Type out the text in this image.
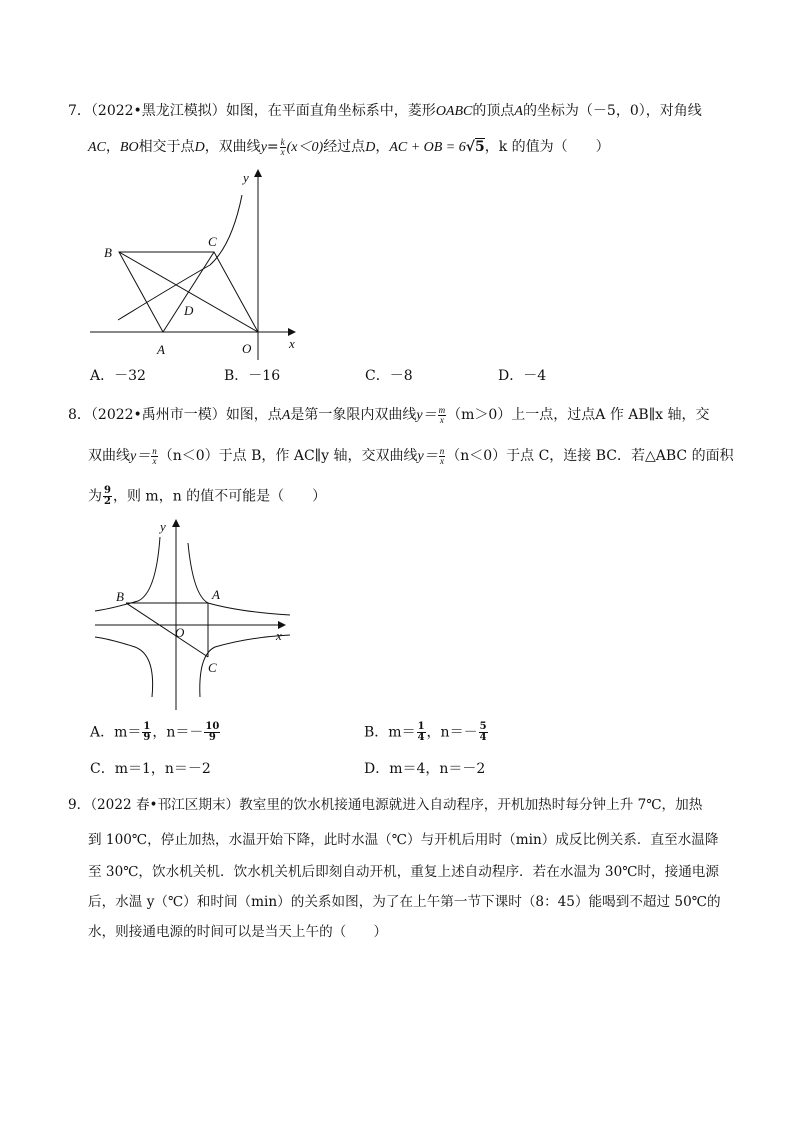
7．（2022•黑龙江模拟）如图，在平面直角坐标系中，菱形OABC的顶点A的坐标为（－5，0），对角线
AC，BO相交于点D，双曲线$y= \frac{k}{x} (x<0)$经过点D，AC + OB = 6√5，k 的值为（　　）
y
x
B
C
D
A	O
A．－32	B．－16	C．－8	D．－4
8．（2022•禹州市一模）如图，点A是第一象限内双曲线$y= \frac{m}{x} (m>0)$上一点，过点A 作 AB∥x 轴，交
双曲线$y= \frac{n}{x} (n<0)$于点 B，作 AC∥y 轴，交双曲线$y= \frac{n}{x} (n<0)$于点 C，连接 BC．若△ABC 的面积
为 $\frac{9}{2}$ ，则 m，n 的值不可能是（　　）
y
x
B	A
O
C
A．$m= \frac{1}{9}$ ，$n=- \frac{10}{9}$	B．$m= \frac{1}{4}$ ，$n=- \frac{5}{4}$
C．m＝1，n＝－2	D．m＝4，n＝－2
9．（2022 春•邗江区期末）教室里的饮水机接通电源就进入自动程序，开机加热时每分钟上升 7℃，加热
到 100℃，停止加热，水温开始下降，此时水温（℃）与开机后用时（min）成反比例关系．直至水温降
至 30℃，饮水机关机．饮水机关机后即刻自动开机，重复上述自动程序．若在水温为 30℃时，接通电源
后，水温 y（℃）和时间（min）的关系如图，为了在上午第一节下课时（8：45）能喝到不超过 50℃的
水，则接通电源的时间可以是当天上午的（　　）
